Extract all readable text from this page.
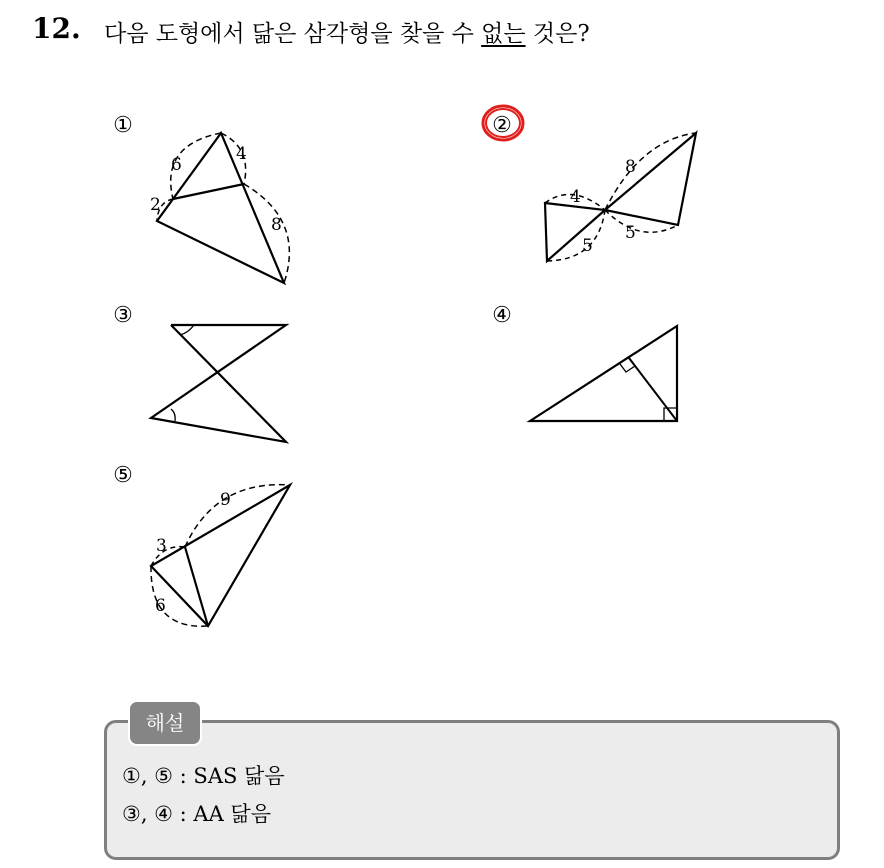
12. 다음 도형에서 닮은 삼각형을 찾을 수 없는 것은?
①	②
③	④
⑤
6
4
2
8
4
8
5
5
9
3
6
해설
①, ⑤ : SAS 닮음
③, ④ : AA 닮음
